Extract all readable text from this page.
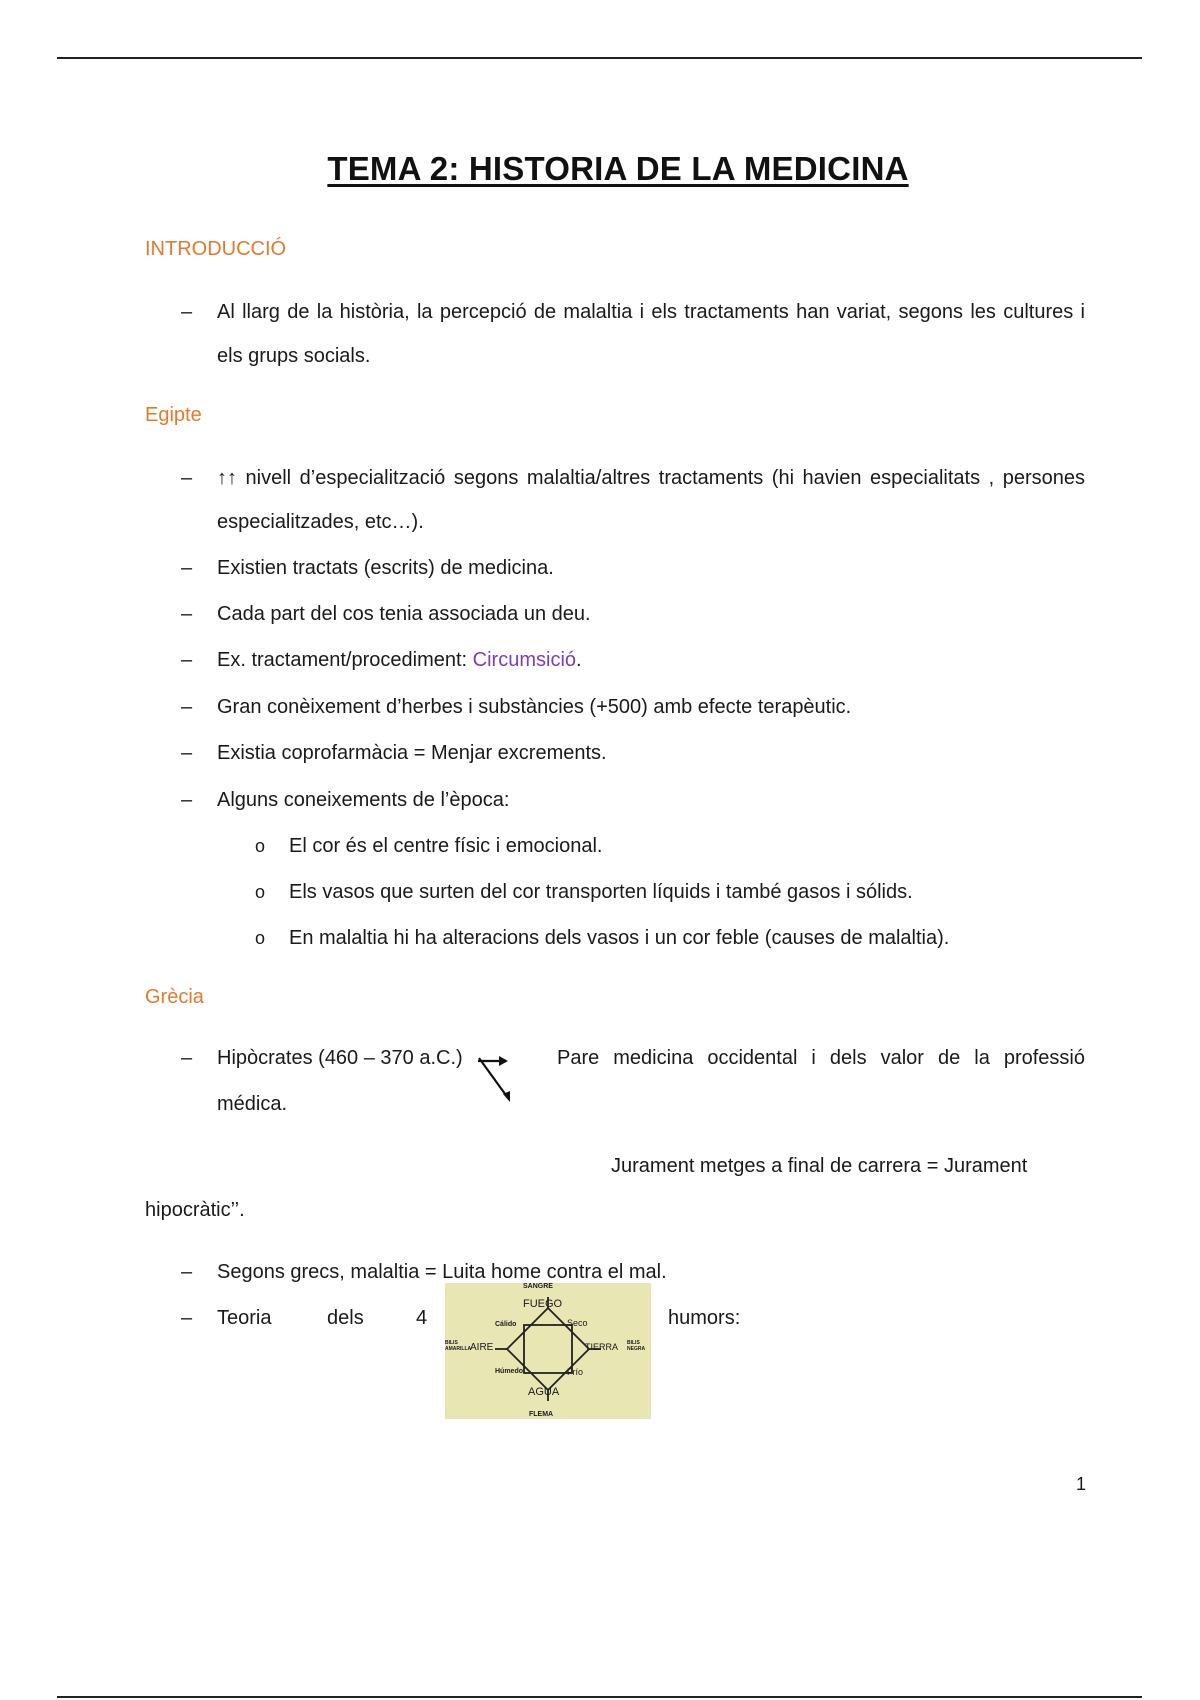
TEMA 2: HISTORIA DE LA MEDICINA
INTRODUCCIÓ
– Al llarg de la història, la percepció de malaltia i els tractaments han variat, segons les cultures i els grups socials.
Egipte
– ↑↑ nivell d’especialització segons malaltia/altres tractaments (hi havien especialitats , persones especialitzades, etc…).
– Existien tractats (escrits) de medicina.
– Cada part del cos tenia associada un deu.
– Ex. tractament/procediment: Circumsició.
– Gran conèixement d’herbes i substàncies (+500) amb efecte terapèutic.
– Existia coprofarmàcia = Menjar excrements.
– Alguns coneixements de l’època:
o El cor és el centre físic i emocional.
o Els vasos que surten del cor transporten líquids i també gasos i sólids.
o En malaltia hi ha alteracions dels vasos i un cor feble (causes de malaltia).
Grècia
– Hipòcrates (460 – 370 a.C.)	Pare medicina occidental i dels valor de la professió
médica.
Jurament metges a final de carrera = Jurament
hipocràtic’’.
– Segons grecs, malaltia = Luita home contra el mal.
– Teoria	dels	4
SANGRE
FUEGO
Cálido	Seco
BILIS AMARILLA
AIRE	TIERRA BILIS NEGRA
Húmedo	Frío
AGUA
FLEMA
humors:
1
